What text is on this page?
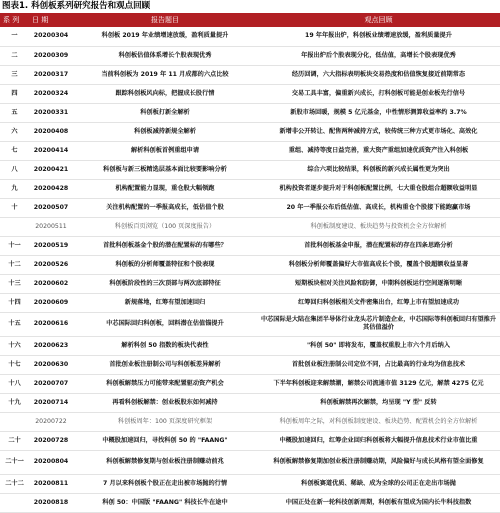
图表1. 科创板系列研究报告和观点回顾
系 列	日 期	报告题目	观点回顾
一	20200304	科创板 2019 年业绩增速放缓，盈利质量提升	19 年年报出炉，科创板业绩增速放缓，盈利质量提升
二	20200309	科创板估值体系增长个股表现优秀	年报出炉后个股表现分化，低估值，高增长个股表现优秀
三	20200317	当前科创板为 2019 年 11 月成都的六点比较	经历回调，六大指标表明板块交易热度和估值恢复接近前期常态
四	20200324	跟踪科创板风向标，把握成长股行情	交易工具丰富，偏重新兴成长，打科创板可能是创业板先行信号
五	20200331	科创板打新全解析	新股市场回暖，规模 5 亿元基金，中性情形测算收益率约 3.7%
六	20200408	科创板减持新规全解析	新增非公开转让、配售两种减持方式，较传统三种方式更市场化、高效化
七	20200414	解析科创板首例重组申请	重组、减持等度日益完善，重大资产重组加速优质资产注入科创板
八	20200421	科创板与新三板精选层基本面比较要影响分析	综合六项比较结果，科创板的新兴成长属性更为突出
九	20200428	机构配置能力显现，重仓股大幅领跑	机构投资者逐步提升对于科创板配置比例，七大重仓股组合超额收益明显
十	20200507	关注机构配置的一季报高成长，低估值个股	20 年一季报公布后低估值、高成长，机构重仓个股接下能跑赢市场
	20200511	科创板百页浏览（100 页深度报告）	科创板制度建设、板块趋势与投资机会全方位解析
十一	20200519	首批科创板基金个股的潜在配置标的有哪些？	首批科创板基金申报，潜在配置标的存在四条思路分析
十二	20200526	科创板的分析师覆盖特征和个股表现	科创板分析师覆盖偏好大市值高成长个股，覆盖个股超额收益显著
十三	20200602	科创板阶段性的三次顶部与两次底部特征	短期板块相对关注风险和防御，中期科创板运行空间逐渐明晰
十四	20200609	新规落地，红筹有望加速回归	红筹回归科创板相关文件密集出台，红筹上市有望加速成功
十五	20200616	中芯国际回归科创板，回料潜在估值锚提升	中芯国际是大陆在集团半导体行业龙头芯片制造企业，中芯国际等科创板回归有望推升其估值溢价
十六	20200623	解析科创 50 指数的板块代表性	"科创 50" 即将发布，覆盖权重股上市六个月后纳入
十七	20200630	首批创业板注册制公司与科创板差异解析	首批创业板注册制公司定位不同，占比最高的行业均为信息技术
十八	20200707	科创板解禁压力可能带来配置驱动资产机会	下半年科创板迎来解禁潮，解禁公司流通市值 3129 亿元，解禁 4275 亿元
十九	20200714	再看科创板解禁：创业板股东如何减持	科创板解禁再次解禁，均呈现 "Y 型" 反转
	20200722	科创板周年：100 页深度研究框架	科创板周年之际，对科创板制度建设、板块趋势、配置机会的全方位解析
二十	20200728	中概股加速回归，寻找科创 50 的 "FAANG"	中概股加速回归，红筹企业回归科创板将大幅提升信息技术行业市值比重
二十一	20200804	科创板解禁修复期与创业板注册制赚动前兆	科创板解禁修复期加创业板注册制赚动期，风险偏好与成长风格有望全面修复
二十二	20200811	7 月以来科创板个股正在走出被市场抛的行情	科创板赛道优质、稀缺、成为全球的公司正在走出市场抛
	20200818	科创 50：中国版 "FAANG" 科技长牛在途中	中国正处在新一轮科技创新周期，科创板有望成为国内长牛科技指数
